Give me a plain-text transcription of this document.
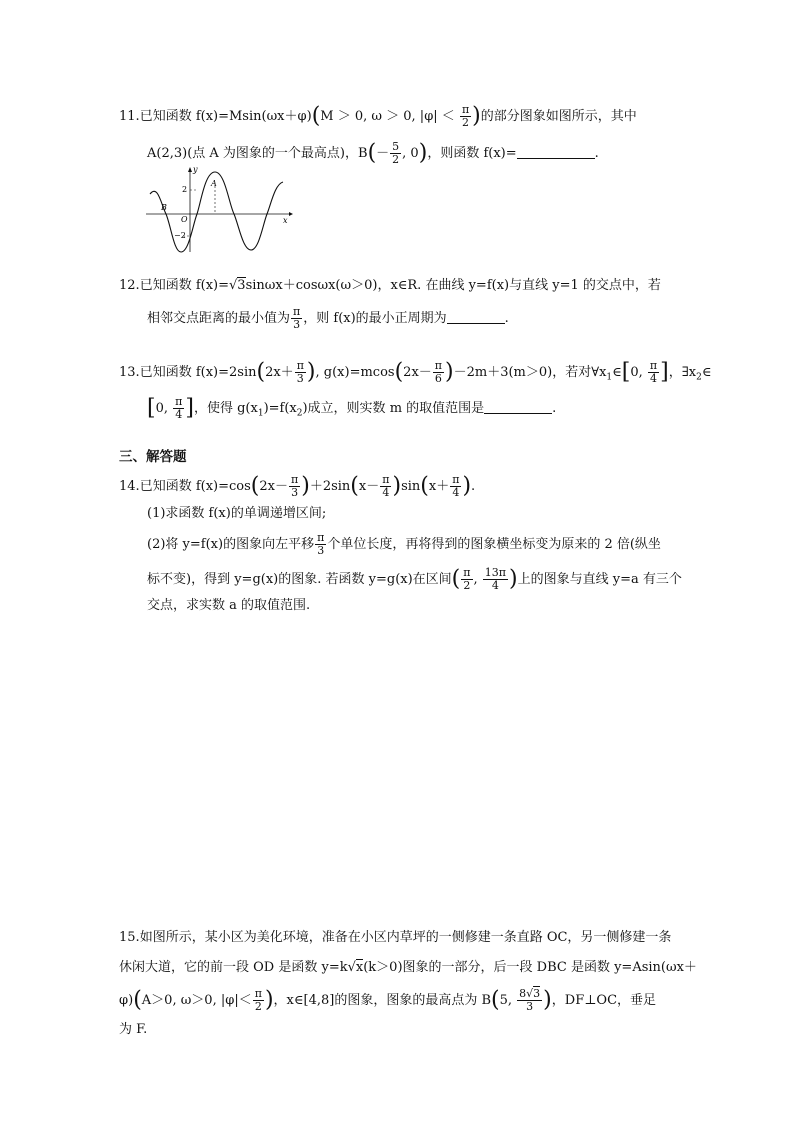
11.已知函数 f(x)=Msin(ωx＋φ)(M ＞ 0, ω ＞ 0, $|\varphi| < \frac{\pi}{2}$ )的部分图象如图所示，其中
A(2,3)(点 A 为图象的一个最高点)，$B(- \frac{5}{2}$ , 0)，则函数 f(x)=	.
y
x
O
A
B
2
−2
12.已知函数 f(x)=√3sinωx＋cosωx(ω＞0)，x∈R. 在曲线 y=f(x)与直线 y=1 的交点中，若
相邻交点距离的最小值为 $\frac{\pi}{3}$ ，则 f(x)的最小正周期为	.
13.已知函数 $f(x)=2\sin(2x+ \frac{\pi}{3}$ ), $g(x)=mcos(2x- \frac{\pi}{6} )-2m+3(m>0)$，若对$\forall x_1\in[0$, $\frac{\pi}{4}$ ]，$\exists x_2\in$
[0, $\frac{\pi}{4}$ ]，使得 $g(x_1)=f(x_2)$成立，则实数 m 的取值范围是	.
三、解答题
14.已知函数 $f(x)=\cos(2x- \frac{\pi}{3} )+2\sin(x- \frac{\pi}{4} )\sin(x+ \frac{\pi}{4}$ ).
(1)求函数 f(x)的单调递增区间;
(2)将 y=f(x)的图象向左平移 $\frac{\pi}{3}$ 个单位长度，再将得到的图象横坐标变为原来的 2 倍(纵坐
标不变)，得到 y=g(x)的图象. 若函数 y=g(x)在区间( $\frac{\pi}{2}$ , $\frac{13\pi}{4}$ )上的图象与直线 y=a 有三个
交点，求实数 a 的取值范围.
15.如图所示，某小区为美化环境，准备在小区内草坪的一侧修建一条直路 OC，另一侧修建一条
休闲大道，它的前一段 OD 是函数 y=k√x(k＞0)图象的一部分，后一段 DBC 是函数 y=Asin(ωx＋
φ)(A＞0, ω＞0, $|\varphi|< \frac{\pi}{2}$ )，x∈[4,8]的图象，图象的最高点为 B(5, $\frac{8√3}{3}$ )，DF⊥OC，垂足
为 F.
